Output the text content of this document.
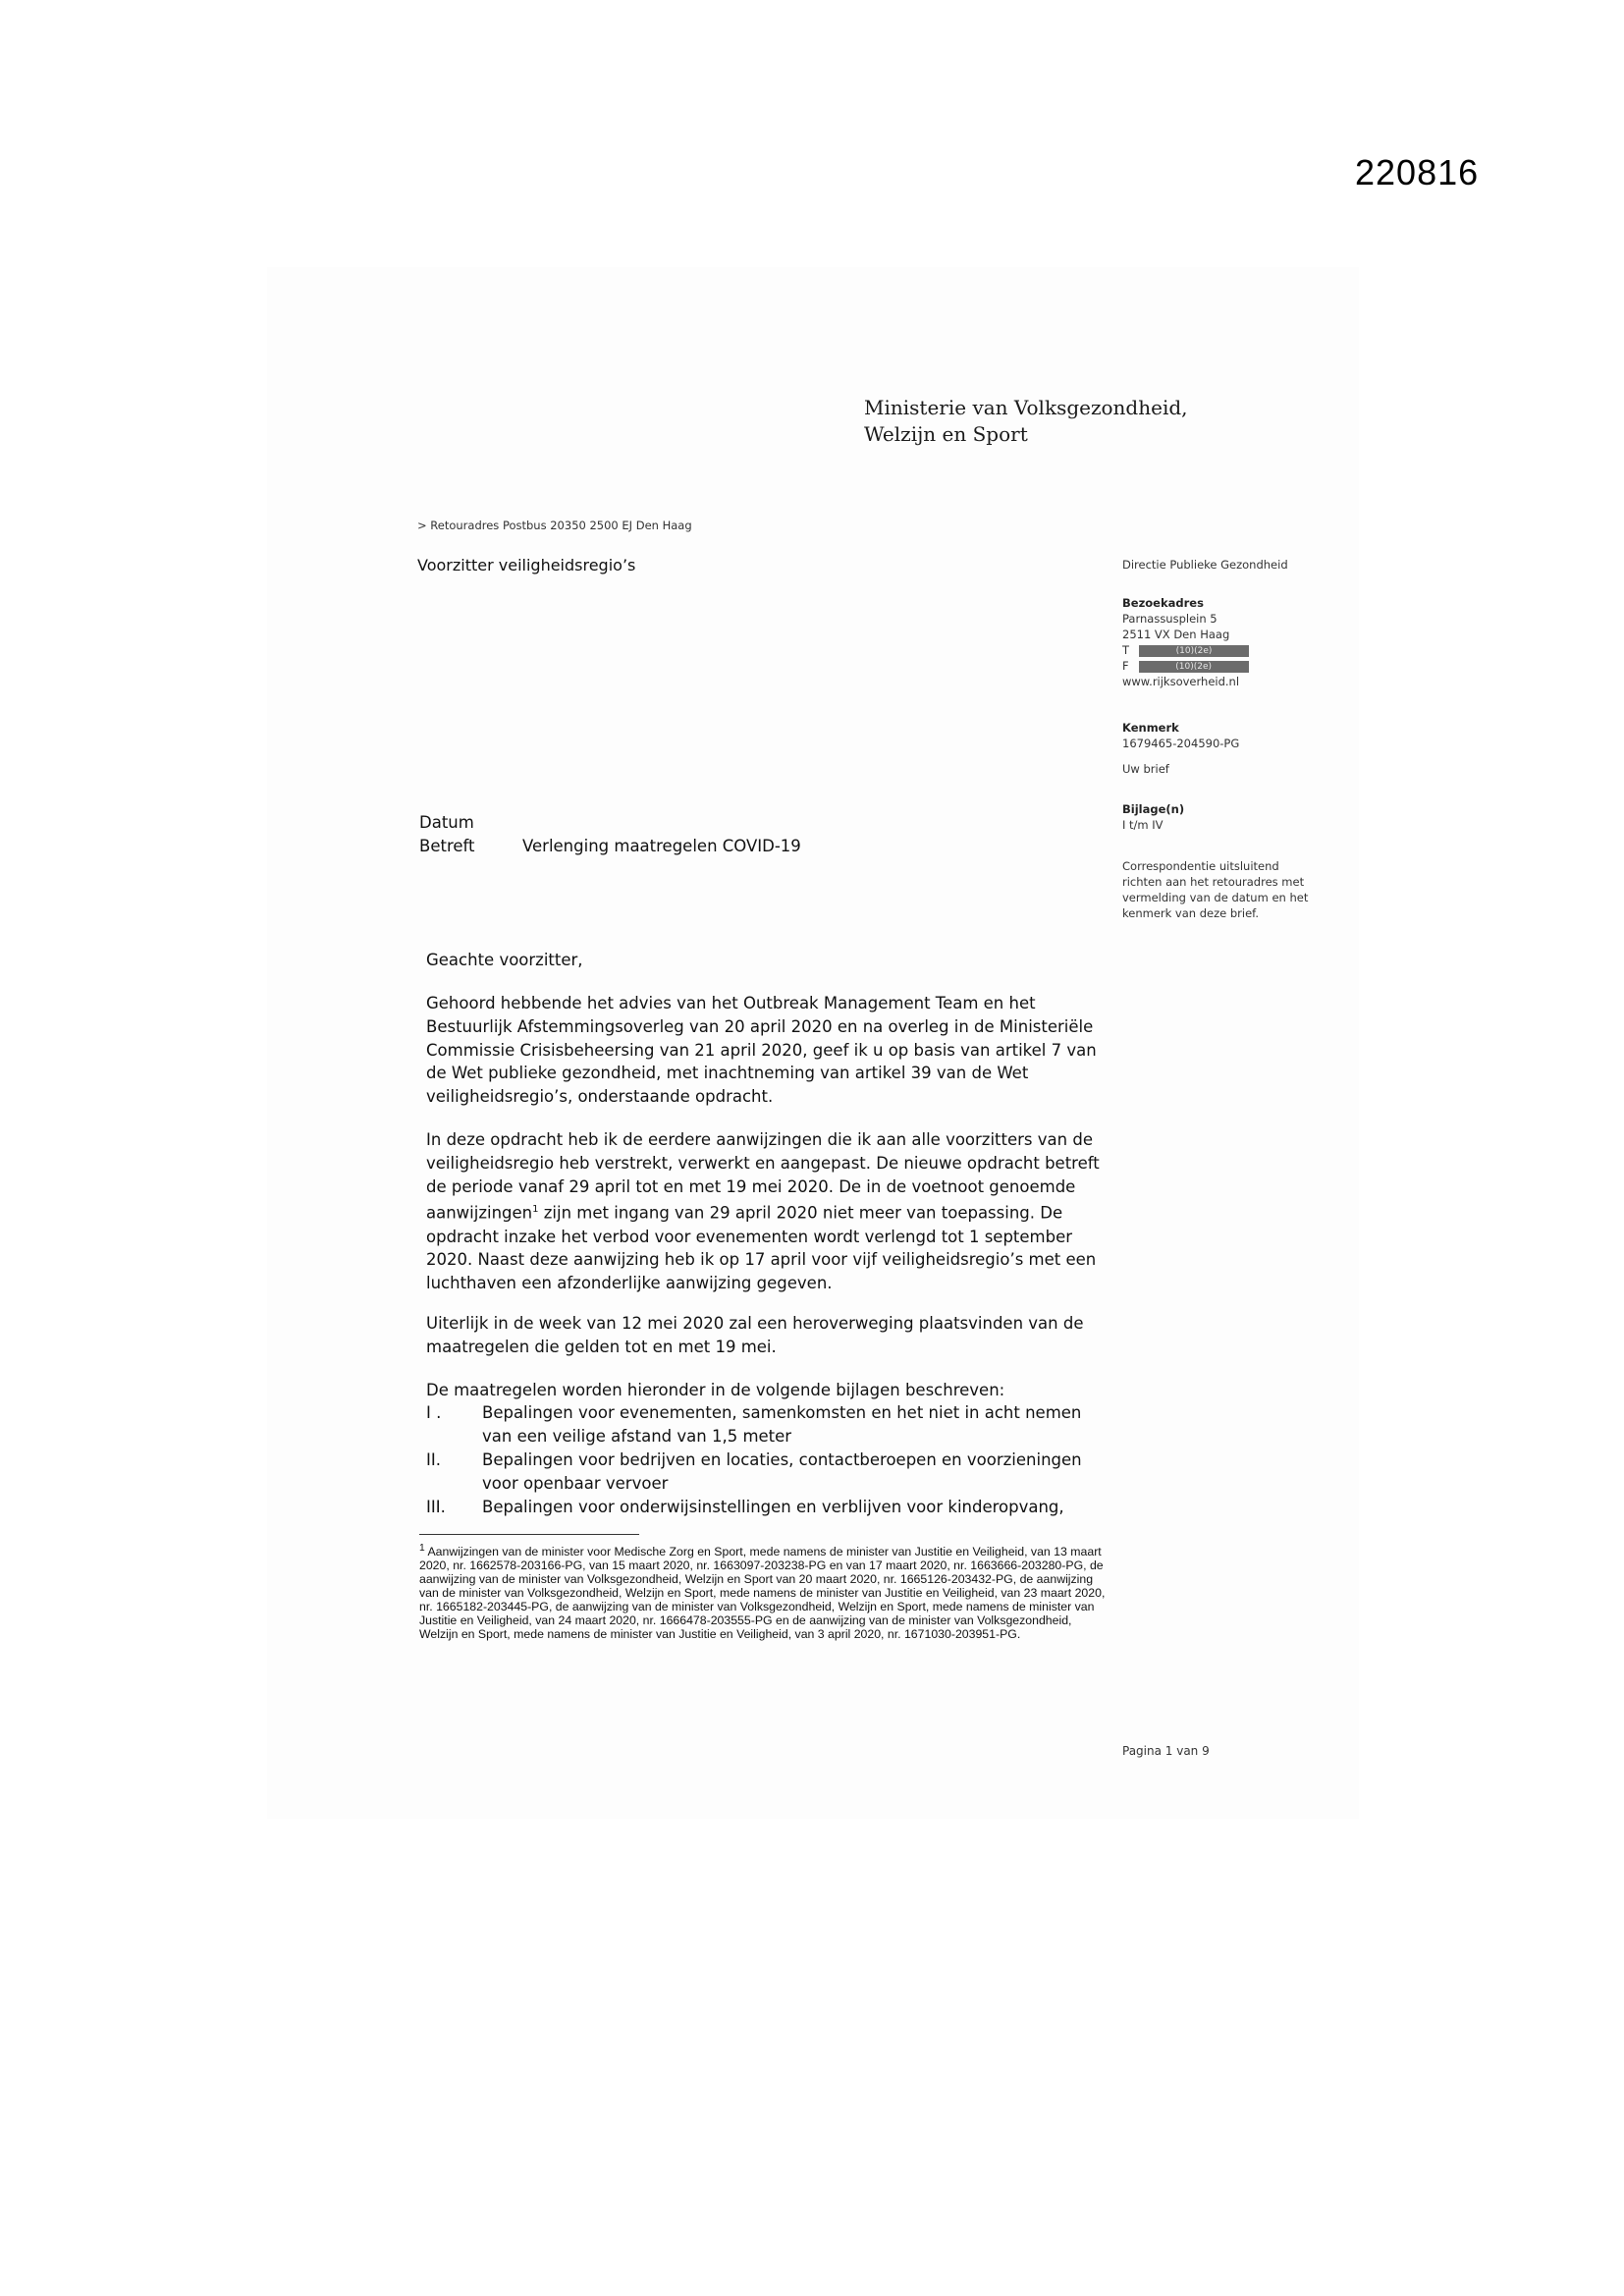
220816
Ministerie van Volksgezondheid,
Welzijn en Sport
> Retouradres Postbus 20350 2500 EJ Den Haag
Voorzitter veiligheidsregio’s	Directie Publieke Gezondheid
Bezoekadres
Parnassusplein 5
2511 VX Den Haag
T	(10)(2e)
F	(10)(2e)
www.rijksoverheid.nl
Kenmerk
1679465-204590-PG
Uw brief
Bijlage(n)
I t/m IV
Correspondentie uitsluitend richten aan het retouradres met vermelding van de datum en het kenmerk van deze brief.
Datum
Betreft	Verlenging maatregelen COVID-19

Geachte voorzitter,

Gehoord hebbende het advies van het Outbreak Management Team en het Bestuurlijk Afstemmingsoverleg van 20 april 2020 en na overleg in de Ministeriële Commissie Crisisbeheersing van 21 april 2020, geef ik u op basis van artikel 7 van de Wet publieke gezondheid, met inachtneming van artikel 39 van de Wet veiligheidsregio’s, onderstaande opdracht.

In deze opdracht heb ik de eerdere aanwijzingen die ik aan alle voorzitters van de veiligheidsregio heb verstrekt, verwerkt en aangepast. De nieuwe opdracht betreft de periode vanaf 29 april tot en met 19 mei 2020. De in de voetnoot genoemde aanwijzingen$^1$ zijn met ingang van 29 april 2020 niet meer van toepassing. De opdracht inzake het verbod voor evenementen wordt verlengd tot 1 september 2020. Naast deze aanwijzing heb ik op 17 april voor vijf veiligheidsregio’s met een luchthaven een afzonderlijke aanwijzing gegeven.

Uiterlijk in de week van 12 mei 2020 zal een heroverweging plaatsvinden van de maatregelen die gelden tot en met 19 mei.

De maatregelen worden hieronder in de volgende bijlagen beschreven:

I .	Bepalingen voor evenementen, samenkomsten en het niet in acht nemen van een veilige afstand van 1,5 meter
II.	Bepalingen voor bedrijven en locaties, contactberoepen en voorzieningen voor openbaar vervoer
III.	Bepalingen voor onderwijsinstellingen en verblijven voor kinderopvang,

$^1$ Aanwijzingen van de minister voor Medische Zorg en Sport, mede namens de minister van Justitie en Veiligheid, van 13 maart 2020, nr. 1662578-203166-PG, van 15 maart 2020, nr. 1663097-203238-PG en van 17 maart 2020, nr. 1663666-203280-PG, de aanwijzing van de minister van Volksgezondheid, Welzijn en Sport van 20 maart 2020, nr. 1665126-203432-PG, de aanwijzing van de minister van Volksgezondheid, Welzijn en Sport, mede namens de minister van Justitie en Veiligheid, van 23 maart 2020, nr. 1665182-203445-PG, de aanwijzing van de minister van Volksgezondheid, Welzijn en Sport, mede namens de minister van Justitie en Veiligheid, van 24 maart 2020, nr. 1666478-203555-PG en de aanwijzing van de minister van Volksgezondheid, Welzijn en Sport, mede namens de minister van Justitie en Veiligheid, van 3 april 2020, nr. 1671030-203951-PG.

Pagina 1 van 9
